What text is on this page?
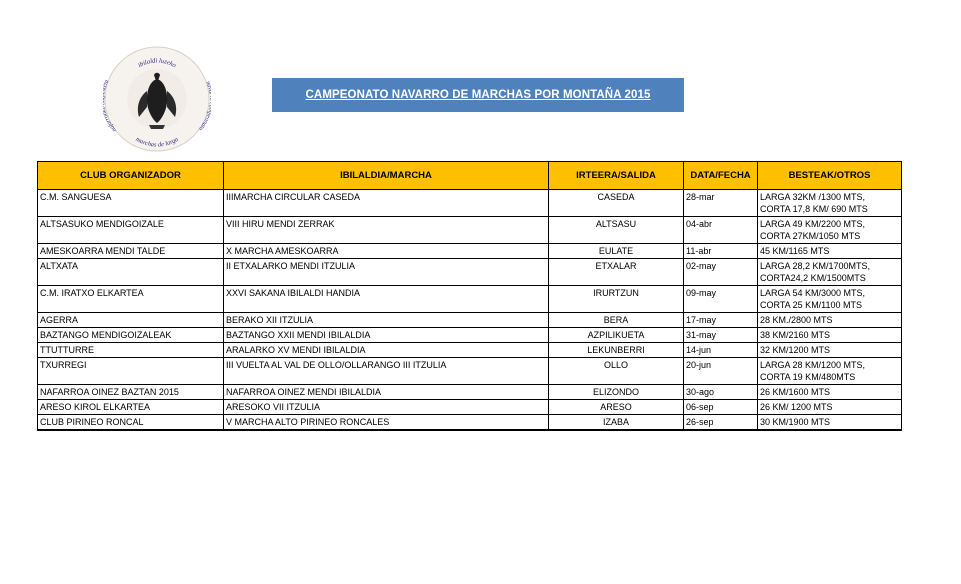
ibilaldi luzeko
nafarro ta	n eonato
marchas de larga
CAMPEONATO NAVARRO DE MARCHAS POR MONTAÑA 2015
CLUB ORGANIZADOR	IBILALDIA/MARCHA	IRTEERA/SALIDA	DATA/FECHA	BESTEAK/OTROS
C.M. SANGUESA	IIIMARCHA CIRCULAR CASEDA	CASEDA	28-mar	LARGA 32KM /1300 MTS,
CORTA 17,8 KM/ 690 MTS

ALTSASUKO MENDIGOIZALE	VIII HIRU MENDI ZERRAK	ALTSASU	04-abr	LARGA 49 KM/2200 MTS,
CORTA 27KM/1050 MTS

AMESKOARRA MENDI TALDE	X MARCHA AMESKOARRA	EULATE	11-abr	45 KM/1165 MTS

ALTXATA	II ETXALARKO MENDI ITZULIA	ETXALAR	02-may	LARGA 28,2 KM/1700MTS,
CORTA24,2 KM/1500MTS

C.M. IRATXO ELKARTEA	XXVI SAKANA IBILALDI HANDIA	IRURTZUN	09-may	LARGA 54 KM/3000 MTS,
CORTA 25 KM/1100 MTS

AGERRA	BERAKO XII ITZULIA	BERA	17-may	28 KM./2800 MTS

BAZTANGO MENDIGOIZALEAK	BAZTANGO XXII MENDI IBILALDIA	AZPILIKUETA	31-may	38 KM/2160 MTS

TTUTTURRE	ARALARKO XV MENDI IBILALDIA	LEKUNBERRI	14-jun	32 KM/1200 MTS

TXURREGI	III VUELTA AL VAL DE OLLO/OLLARANGO III ITZULIA	OLLO	20-jun	LARGA 28 KM/1200 MTS,
CORTA 19 KM/480MTS

NAFARROA OINEZ BAZTAN 2015	NAFARROA OINEZ MENDI IBILALDIA	ELIZONDO	30-ago	26 KM/1600 MTS

ARESO KIROL ELKARTEA	ARESOKO VII ITZULIA	ARESO	06-sep	26 KM/ 1200 MTS

CLUB PIRINEO RONCAL	V MARCHA ALTO PIRINEO RONCALES	IZABA	26-sep	30 KM/1900 MTS
